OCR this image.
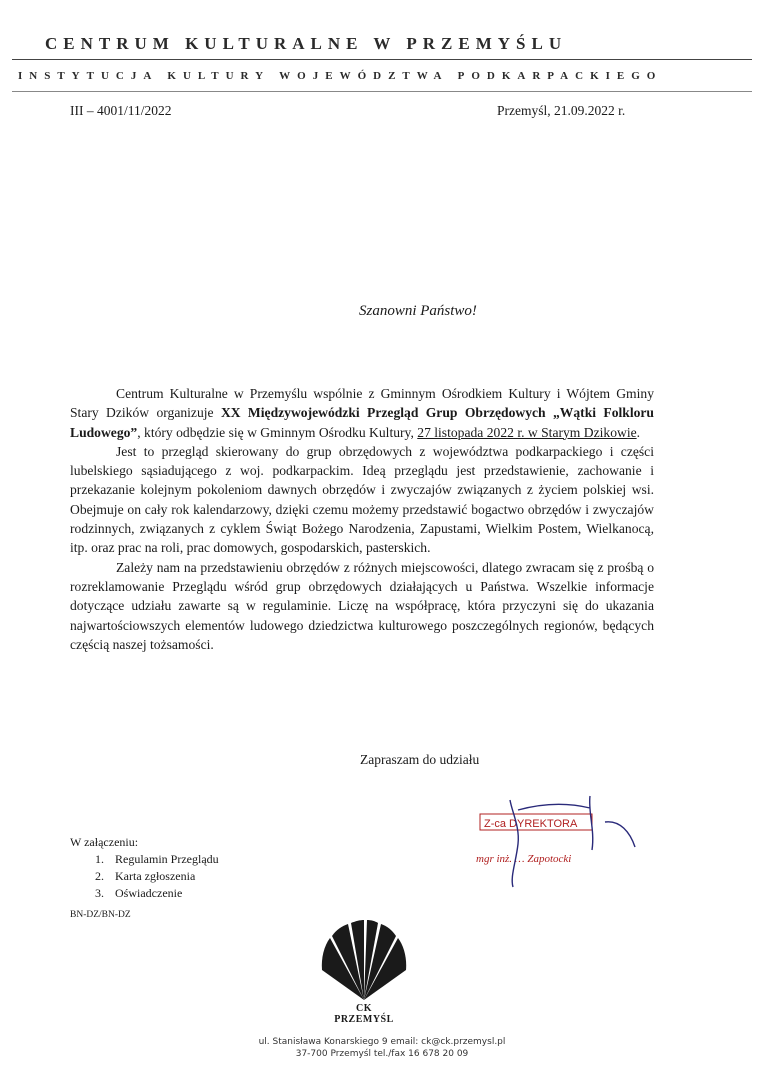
CENTRUM KULTURALNE W PRZEMYŚLU
INSTYTUCJA KULTURY WOJEWÓDZTWA PODKARPACKIEGO
III – 4001/11/2022	Przemyśl, 21.09.2022 r.
Szanowni Państwo!

Centrum Kulturalne w Przemyślu wspólnie z Gminnym Ośrodkiem Kultury i Wójtem Gminy Stary Dzików organizuje XX Międzywojewódzki Przegląd Grup Obrzędowych „Wątki Folkloru Ludowego”, który odbędzie się w Gminnym Ośrodku Kultury, 27 listopada 2022 r. w Starym Dzikowie.

Jest to przegląd skierowany do grup obrzędowych z województwa podkarpackiego i części lubelskiego sąsiadującego z woj. podkarpackim. Ideą przeglądu jest przedstawienie, zachowanie i przekazanie kolejnym pokoleniom dawnych obrzędów i zwyczajów związanych z życiem polskiej wsi. Obejmuje on cały rok kalendarzowy, dzięki czemu możemy przedstawić bogactwo obrzędów i zwyczajów rodzinnych, związanych z cyklem Świąt Bożego Narodzenia, Zapustami, Wielkim Postem, Wielkanocą, itp. oraz prac na roli, prac domowych, gospodarskich, pasterskich.

Zależy nam na przedstawieniu obrzędów z różnych miejscowości, dlatego zwracam się z prośbą o rozreklamowanie Przeglądu wśród grup obrzędowych działających u Państwa. Wszelkie informacje dotyczące udziału zawarte są w regulaminie. Liczę na współpracę, która przyczyni się do ukazania najwartościowszych elementów ludowego dziedzictwa kulturowego poszczególnych regionów, będących częścią naszej tożsamości.

Zapraszam do udziału
Z-ca DYREKTORA
mgr inż. … Zapotocki
W załączeniu:
1. Regulamin Przeglądu
2. Karta zgłoszenia
3. Oświadczenie
BN-DZ/BN-DZ
CK
PRZEMYŚL
ul. Stanisława Konarskiego 9 email: ck@ck.przemysl.pl
37-700 Przemyśl tel./fax 16 678 20 09
